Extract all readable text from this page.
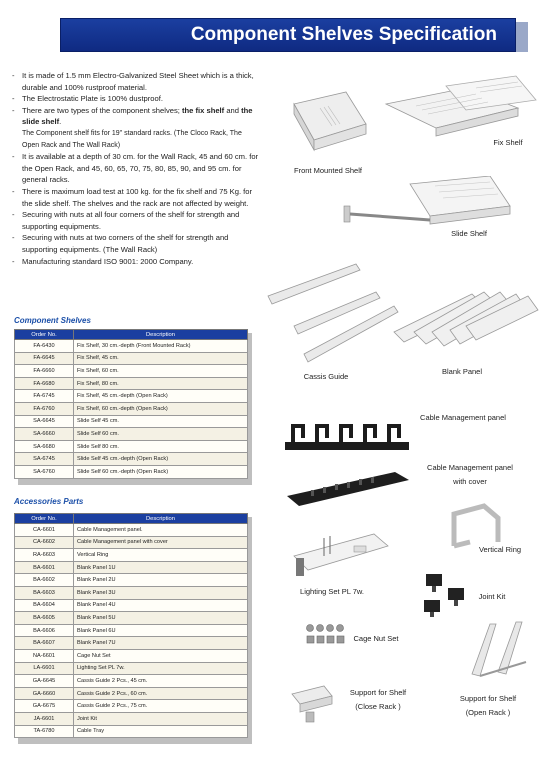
Component Shelves Specification
- It is made of 1.5 mm Electro-Galvanized Steel Sheet which is a thick, durable and 100% rustproof material.
- The Electrostatic Plate is 100% dustproof.
- There are two types of the component shelves; the fix shelf and the slide shelf.
The Component shelf fits for 19" standard racks. (The Cloco Rack, The Open Rack and The Wall Rack)
- It is available at a depth of 30 cm. for the Wall Rack, 45 and 60 cm. for the Open Rack, and 45, 60, 65, 70, 75, 80, 85, 90, and 95 cm. for general racks.
- There is maximum load test at 100 kg. for the fix shelf and 75 Kg. for the slide shelf. The shelves and the rack are not affected by weight.
- Securing with nuts at all four corners of the shelf for strength and supporting equipments.
- Securing with nuts at two corners of the shelf for strength and supporting equipments. (The Wall Rack)
- Manufacturing standard ISO 9001: 2000 Company.
Component Shelves
Order No.	Description
FA-6430	Fix Shelf, 30 cm.-depth (Front Mounted Rack)
FA-6645	Fix Shelf, 45 cm.
FA-6660	Fix Shelf, 60 cm.
FA-6680	Fix Shelf, 80 cm.
FA-6745	Fix Shelf, 45 cm.-depth (Open Rack)
FA-6760	Fix Shelf, 60 cm.-depth (Open Rack)
SA-6645	Slide Self 45 cm.
SA-6660	Slide Self 60 cm.
SA-6680	Slide Self 80 cm.
SA-6745	Slide Self 45 cm.-depth (Open Rack)
SA-6760	Slide Self 60 cm.-depth (Open Rack)
Accessories Parts
Order No.	Description
CA-6601	Cable Management panel.
CA-6602	Cable Management panel with cover
RA-6603	Vertical Ring
BA-6601	Blank Panel 1U
BA-6602	Blank Panel 2U
BA-6603	Blank Panel 3U
BA-6604	Blank Panel 4U
BA-6605	Blank Panel 5U
BA-6606	Blank Panel 6U
BA-6607	Blank Panel 7U
NA-6601	Cage Nut Set
LA-6601	Lighting Set PL 7w.
GA-6645	Cassis Guide 2 Pcs., 45 cm.
GA-6660	Cassis Guide 2 Pcs., 60 cm.
GA-6675	Cassis Guide 2 Pcs., 75 cm.
JA-6601	Joint Kit
TA-6780	Cable Tray
Front Mounted Shelf
Fix Shelf
Slide Shelf
Cassis Guide
Blank Panel
Cable Management panel
Cable Management panel
with cover
Vertical Ring
Lighting Set PL 7w.
Joint Kit
Cage Nut Set
Support for Shelf
(Open Rack )
Support for Shelf
(Close Rack )
